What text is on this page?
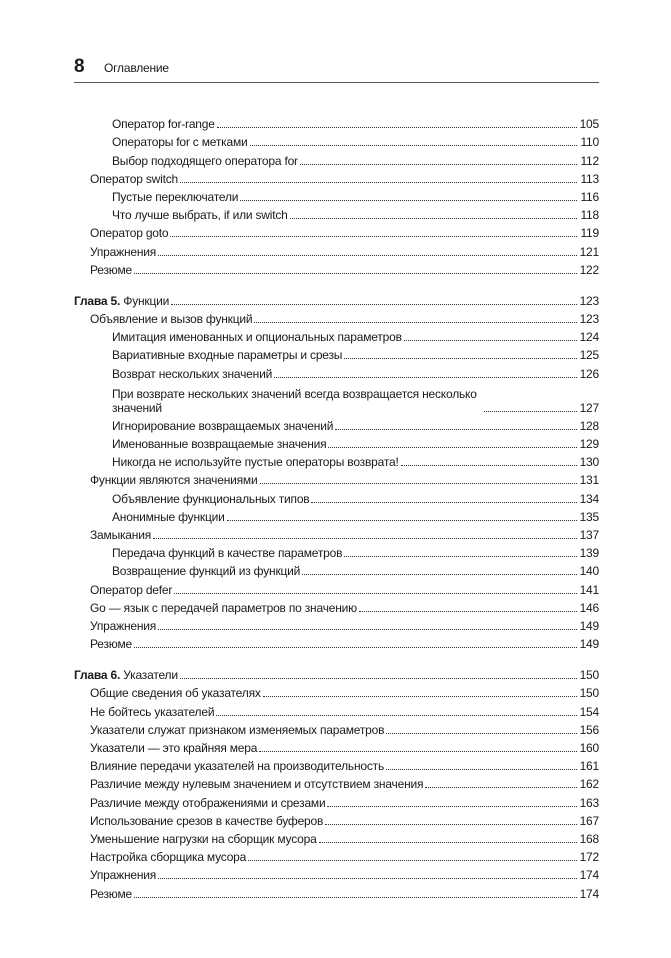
8 Оглавление
Оператор for-range	105
Операторы for с метками	110
Выбор подходящего оператора for	112
Оператор switch	113
Пустые переключатели	116
Что лучше выбрать, if или switch	118
Оператор goto	119
Упражнения	121
Резюме	122
Глава 5. Функции	123
Объявление и вызов функций	123
Имитация именованных и опциональных параметров	124
Вариативные входные параметры и срезы	125
Возврат нескольких значений	126
При возврате нескольких значений всегда возвращается несколько значений	127
Игнорирование возвращаемых значений	128
Именованные возвращаемые значения	129
Никогда не используйте пустые операторы возврата!	130
Функции являются значениями	131
Объявление функциональных типов	134
Анонимные функции	135
Замыкания	137
Передача функций в качестве параметров	139
Возвращение функций из функций	140
Оператор defer	141
Go — язык с передачей параметров по значению	146
Упражнения	149
Резюме	149
Глава 6. Указатели	150
Общие сведения об указателях	150
Не бойтесь указателей	154
Указатели служат признаком изменяемых параметров	156
Указатели — это крайняя мера	160
Влияние передачи указателей на производительность	161
Различие между нулевым значением и отсутствием значения	162
Различие между отображениями и срезами	163
Использование срезов в качестве буферов	167
Уменьшение нагрузки на сборщик мусора	168
Настройка сборщика мусора	172
Упражнения	174
Резюме	174
